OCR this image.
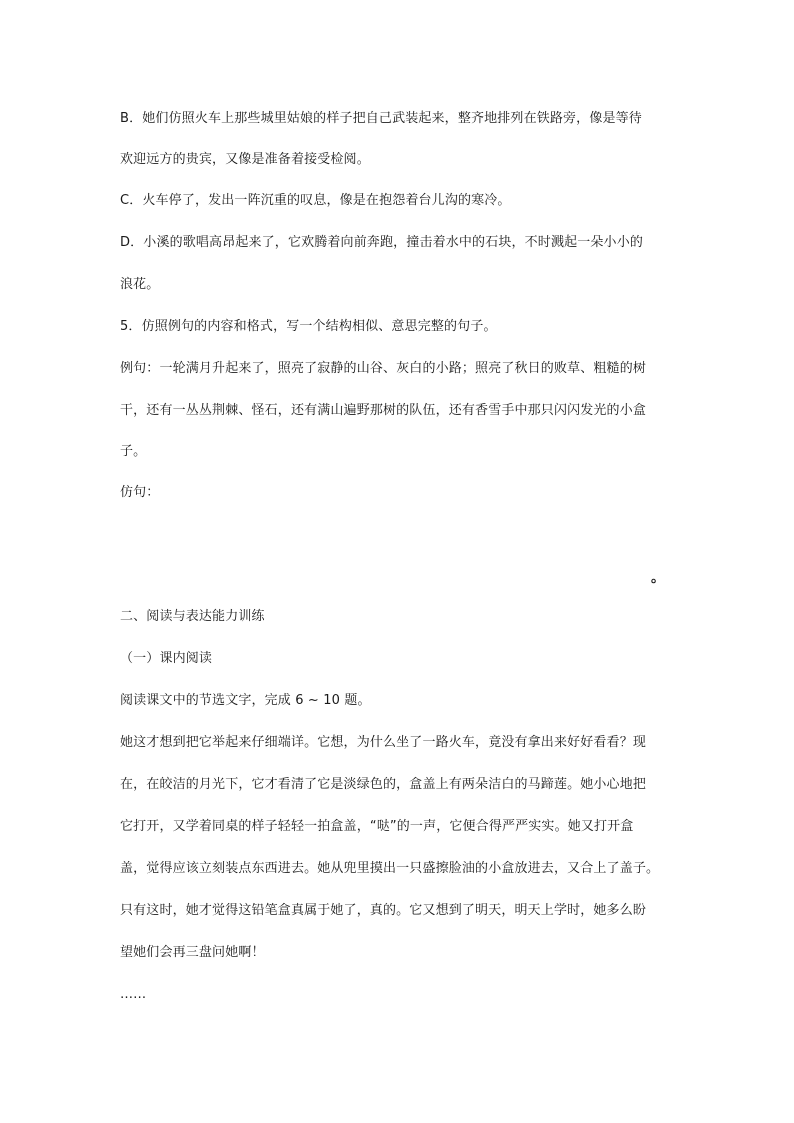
B．她们仿照火车上那些城里姑娘的样子把自己武装起来，整齐地排列在铁路旁，像是等待

欢迎远方的贵宾，又像是准备着接受检阅。

C．火车停了，发出一阵沉重的叹息，像是在抱怨着台儿沟的寒冷。

D．小溪的歌唱高昂起来了，它欢腾着向前奔跑，撞击着水中的石块，不时溅起一朵小小的

浪花。

5．仿照例句的内容和格式，写一个结构相似、意思完整的句子。

例句：一轮满月升起来了，照亮了寂静的山谷、灰白的小路；照亮了秋日的败草、粗糙的树

干，还有一丛丛荆棘、怪石，还有满山遍野那树的队伍，还有香雪手中那只闪闪发光的小盒

子。

仿句：

。

二、阅读与表达能力训练

（一）课内阅读

阅读课文中的节选文字，完成 6 ~ 10 题。

她这才想到把它举起来仔细端详。它想，为什么坐了一路火车，竟没有拿出来好好看看？现

在，在皎洁的月光下，它才看清了它是淡绿色的，盒盖上有两朵洁白的马蹄莲。她小心地把

它打开，又学着同桌的样子轻轻一拍盒盖，“哒”的一声，它便合得严严实实。她又打开盒

盖，觉得应该立刻装点东西进去。她从兜里摸出一只盛擦脸油的小盒放进去，又合上了盖子。

只有这时，她才觉得这铅笔盒真属于她了，真的。它又想到了明天，明天上学时，她多么盼

望她们会再三盘问她啊！

……
